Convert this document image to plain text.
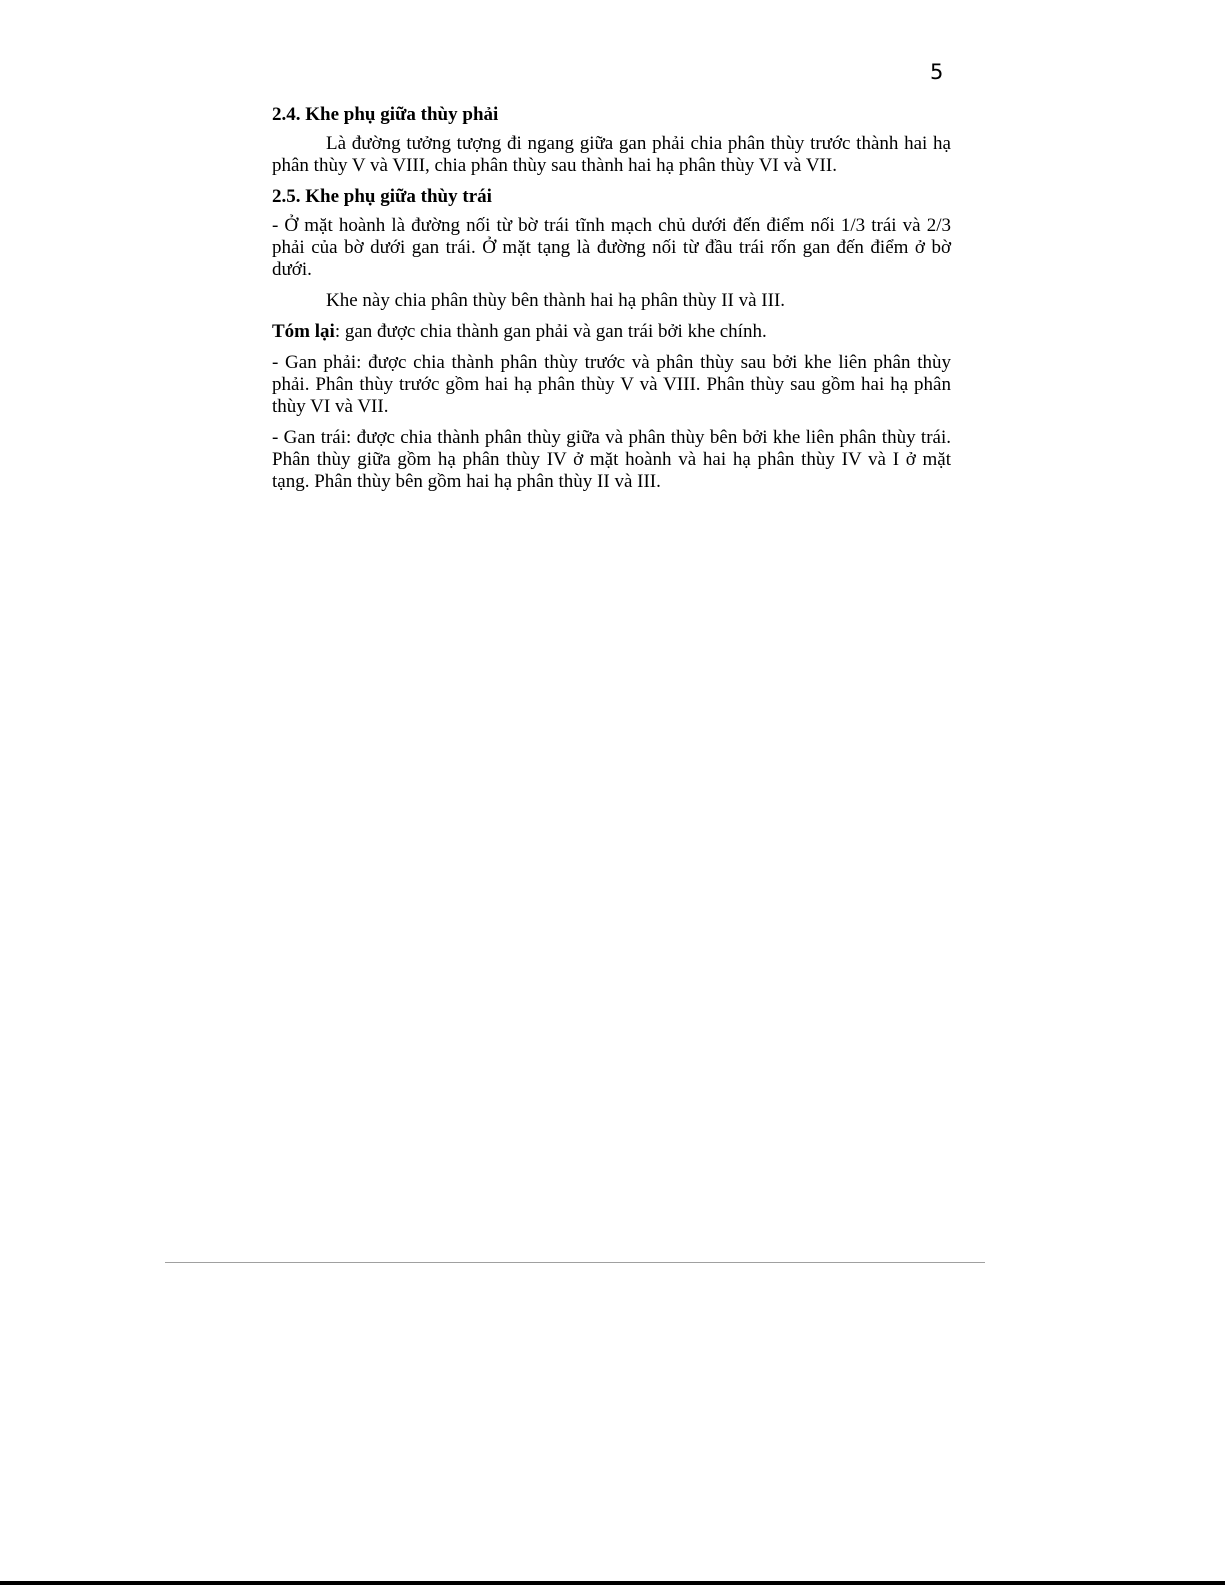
5
2.4. Khe phụ giữa thùy phải

Là đường tưởng tượng đi ngang giữa gan phải chia phân thùy trước thành hai hạ phân thùy V và VIII, chia phân thùy sau thành hai hạ phân thùy VI và VII.

2.5. Khe phụ giữa thùy trái

- Ở mặt hoành là đường nối từ bờ trái tĩnh mạch chủ dưới đến điểm nối 1/3 trái và 2/3 phải của bờ dưới gan trái. Ở mặt tạng là đường nối từ đầu trái rốn gan đến điểm ở bờ dưới.

Khe này chia phân thùy bên thành hai hạ phân thùy II và III.

Tóm lại: gan được chia thành gan phải và gan trái bởi khe chính.

- Gan phải: được chia thành phân thùy trước và phân thùy sau bởi khe liên phân thùy phải. Phân thùy trước gồm hai hạ phân thùy V và VIII. Phân thùy sau gồm hai hạ phân thùy VI và VII.

- Gan trái: được chia thành phân thùy giữa và phân thùy bên bởi khe liên phân thùy trái. Phân thùy giữa gồm hạ phân thùy IV ở mặt hoành và hai hạ phân thùy IV và I ở mặt tạng. Phân thùy bên gồm hai hạ phân thùy II và III.
